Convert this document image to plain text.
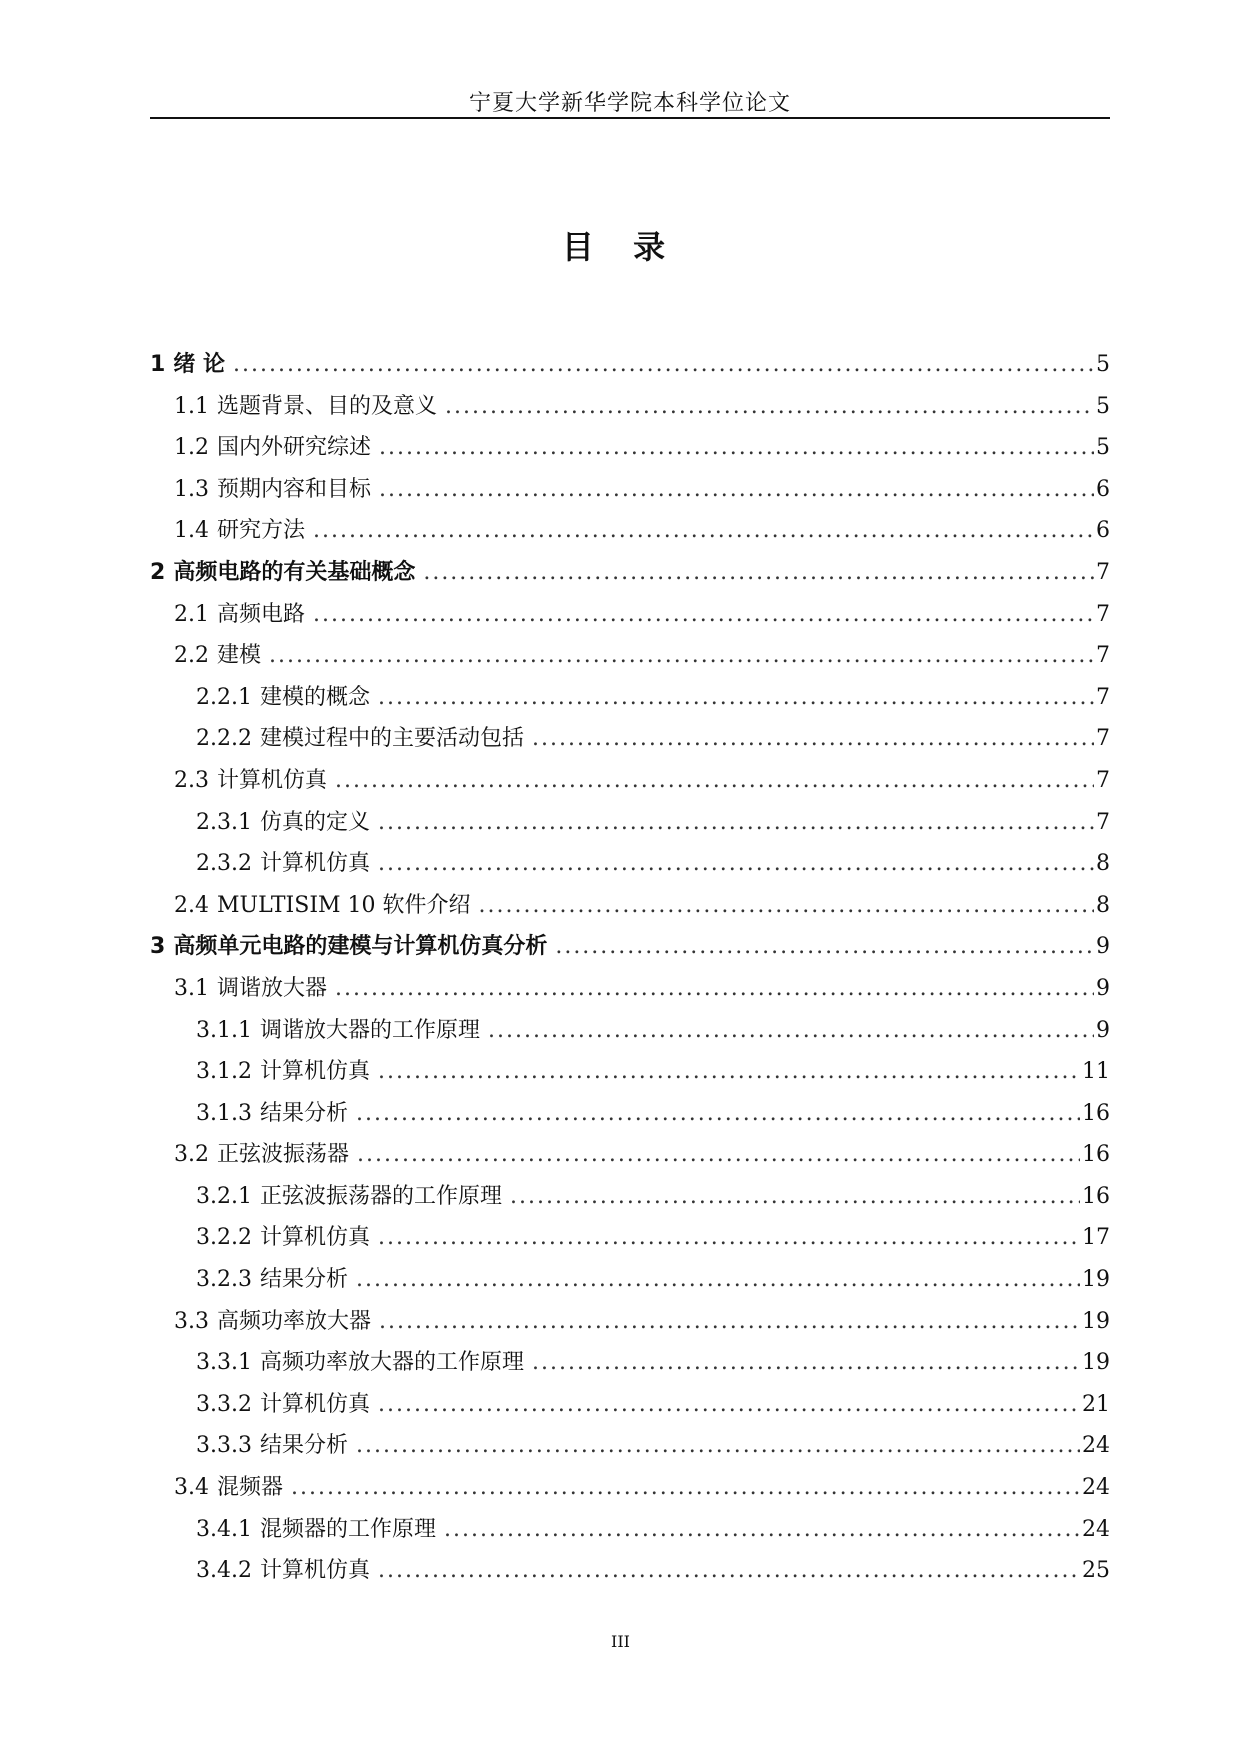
宁夏大学新华学院本科学位论文
目 录
1 绪 论 .....	5
1.1 选题背景、目的及意义 .....	5
1.2 国内外研究综述 .....	5
1.3 预期内容和目标 .....	6
1.4 研究方法 .....	6
2 高频电路的有关基础概念 .....	7
2.1 高频电路 .....	7
2.2 建模 .....	7
2.2.1 建模的概念 .....	7
2.2.2 建模过程中的主要活动包括 .....	7
2.3 计算机仿真 .....	7
2.3.1 仿真的定义 .....	7
2.3.2 计算机仿真 .....	8
2.4 MULTISIM 10 软件介绍 .....	8
3 高频单元电路的建模与计算机仿真分析 .....	9
3.1 调谐放大器 .....	9
3.1.1 调谐放大器的工作原理 .....	9
3.1.2 计算机仿真 .....	11
3.1.3 结果分析 .....	16
3.2 正弦波振荡器 .....	16
3.2.1 正弦波振荡器的工作原理 .....	16
3.2.2 计算机仿真 .....	17
3.2.3 结果分析 .....	19
3.3 高频功率放大器 .....	19
3.3.1 高频功率放大器的工作原理 .....	19
3.3.2 计算机仿真 .....	21
3.3.3 结果分析 .....	24
3.4 混频器 .....	24
3.4.1 混频器的工作原理 .....	24
3.4.2 计算机仿真 .....	25
III
